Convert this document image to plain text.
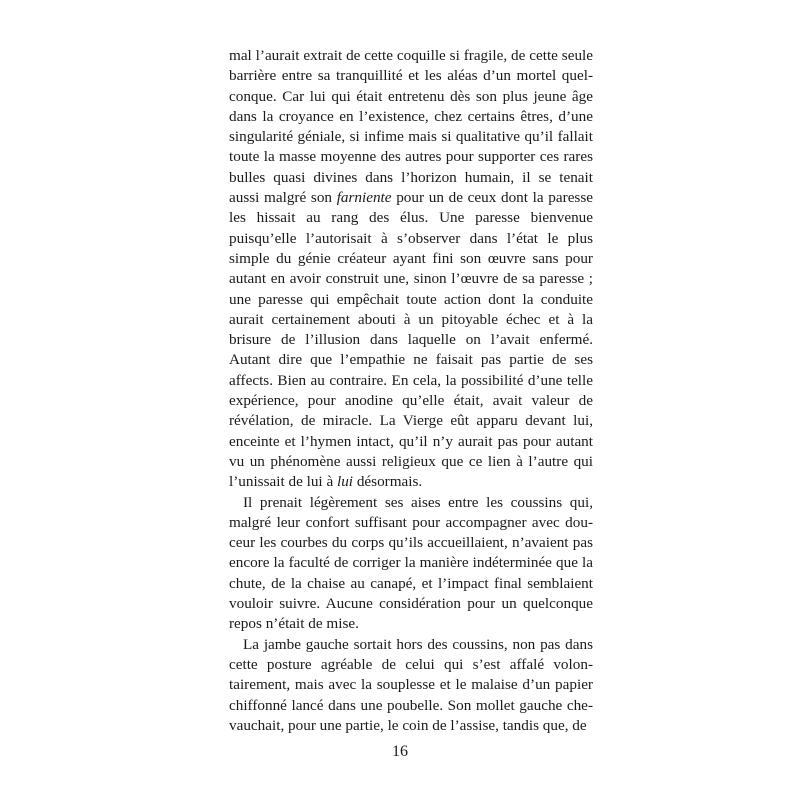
mal l’aurait extrait de cette coquille si fragile, de cette seule barrière entre sa tranquillité et les aléas d’un mortel quelconque. Car lui qui était entretenu dès son plus jeune âge dans la croyance en l’existence, chez certains êtres, d’une singularité géniale, si infime mais si qualitative qu’il fallait toute la masse moyenne des autres pour supporter ces rares bulles quasi divines dans l’horizon humain, il se tenait aussi malgré son farniente pour un de ceux dont la paresse les hissait au rang des élus. Une paresse bienvenue puisqu’elle l’autorisait à s’observer dans l’état le plus simple du génie créateur ayant fini son œuvre sans pour autant en avoir construit une, sinon l’œuvre de sa paresse ; une paresse qui empêchait toute action dont la conduite aurait certainement abouti à un pitoyable échec et à la brisure de l’illusion dans laquelle on l’avait enfermé. Autant dire que l’empathie ne faisait pas partie de ses affects. Bien au contraire. En cela, la possibilité d’une telle expérience, pour anodine qu’elle était, avait valeur de révélation, de miracle. La Vierge eût apparu devant lui, enceinte et l’hymen intact, qu’il n’y aurait pas pour autant vu un phénomène aussi religieux que ce lien à l’autre qui l’unissait de lui à lui désormais.

Il prenait légèrement ses aises entre les coussins qui, malgré leur confort suffisant pour accompagner avec douceur les courbes du corps qu’ils accueillaient, n’avaient pas encore la faculté de corriger la manière indéterminée que la chute, de la chaise au canapé, et l’impact final semblaient vouloir suivre. Aucune considération pour un quelconque repos n’était de mise.

La jambe gauche sortait hors des coussins, non pas dans cette posture agréable de celui qui s’est affalé volontairement, mais avec la souplesse et le malaise d’un papier chiffonné lancé dans une poubelle. Son mollet gauche chevauchait, pour une partie, le coin de l’assise, tandis que, de

16
